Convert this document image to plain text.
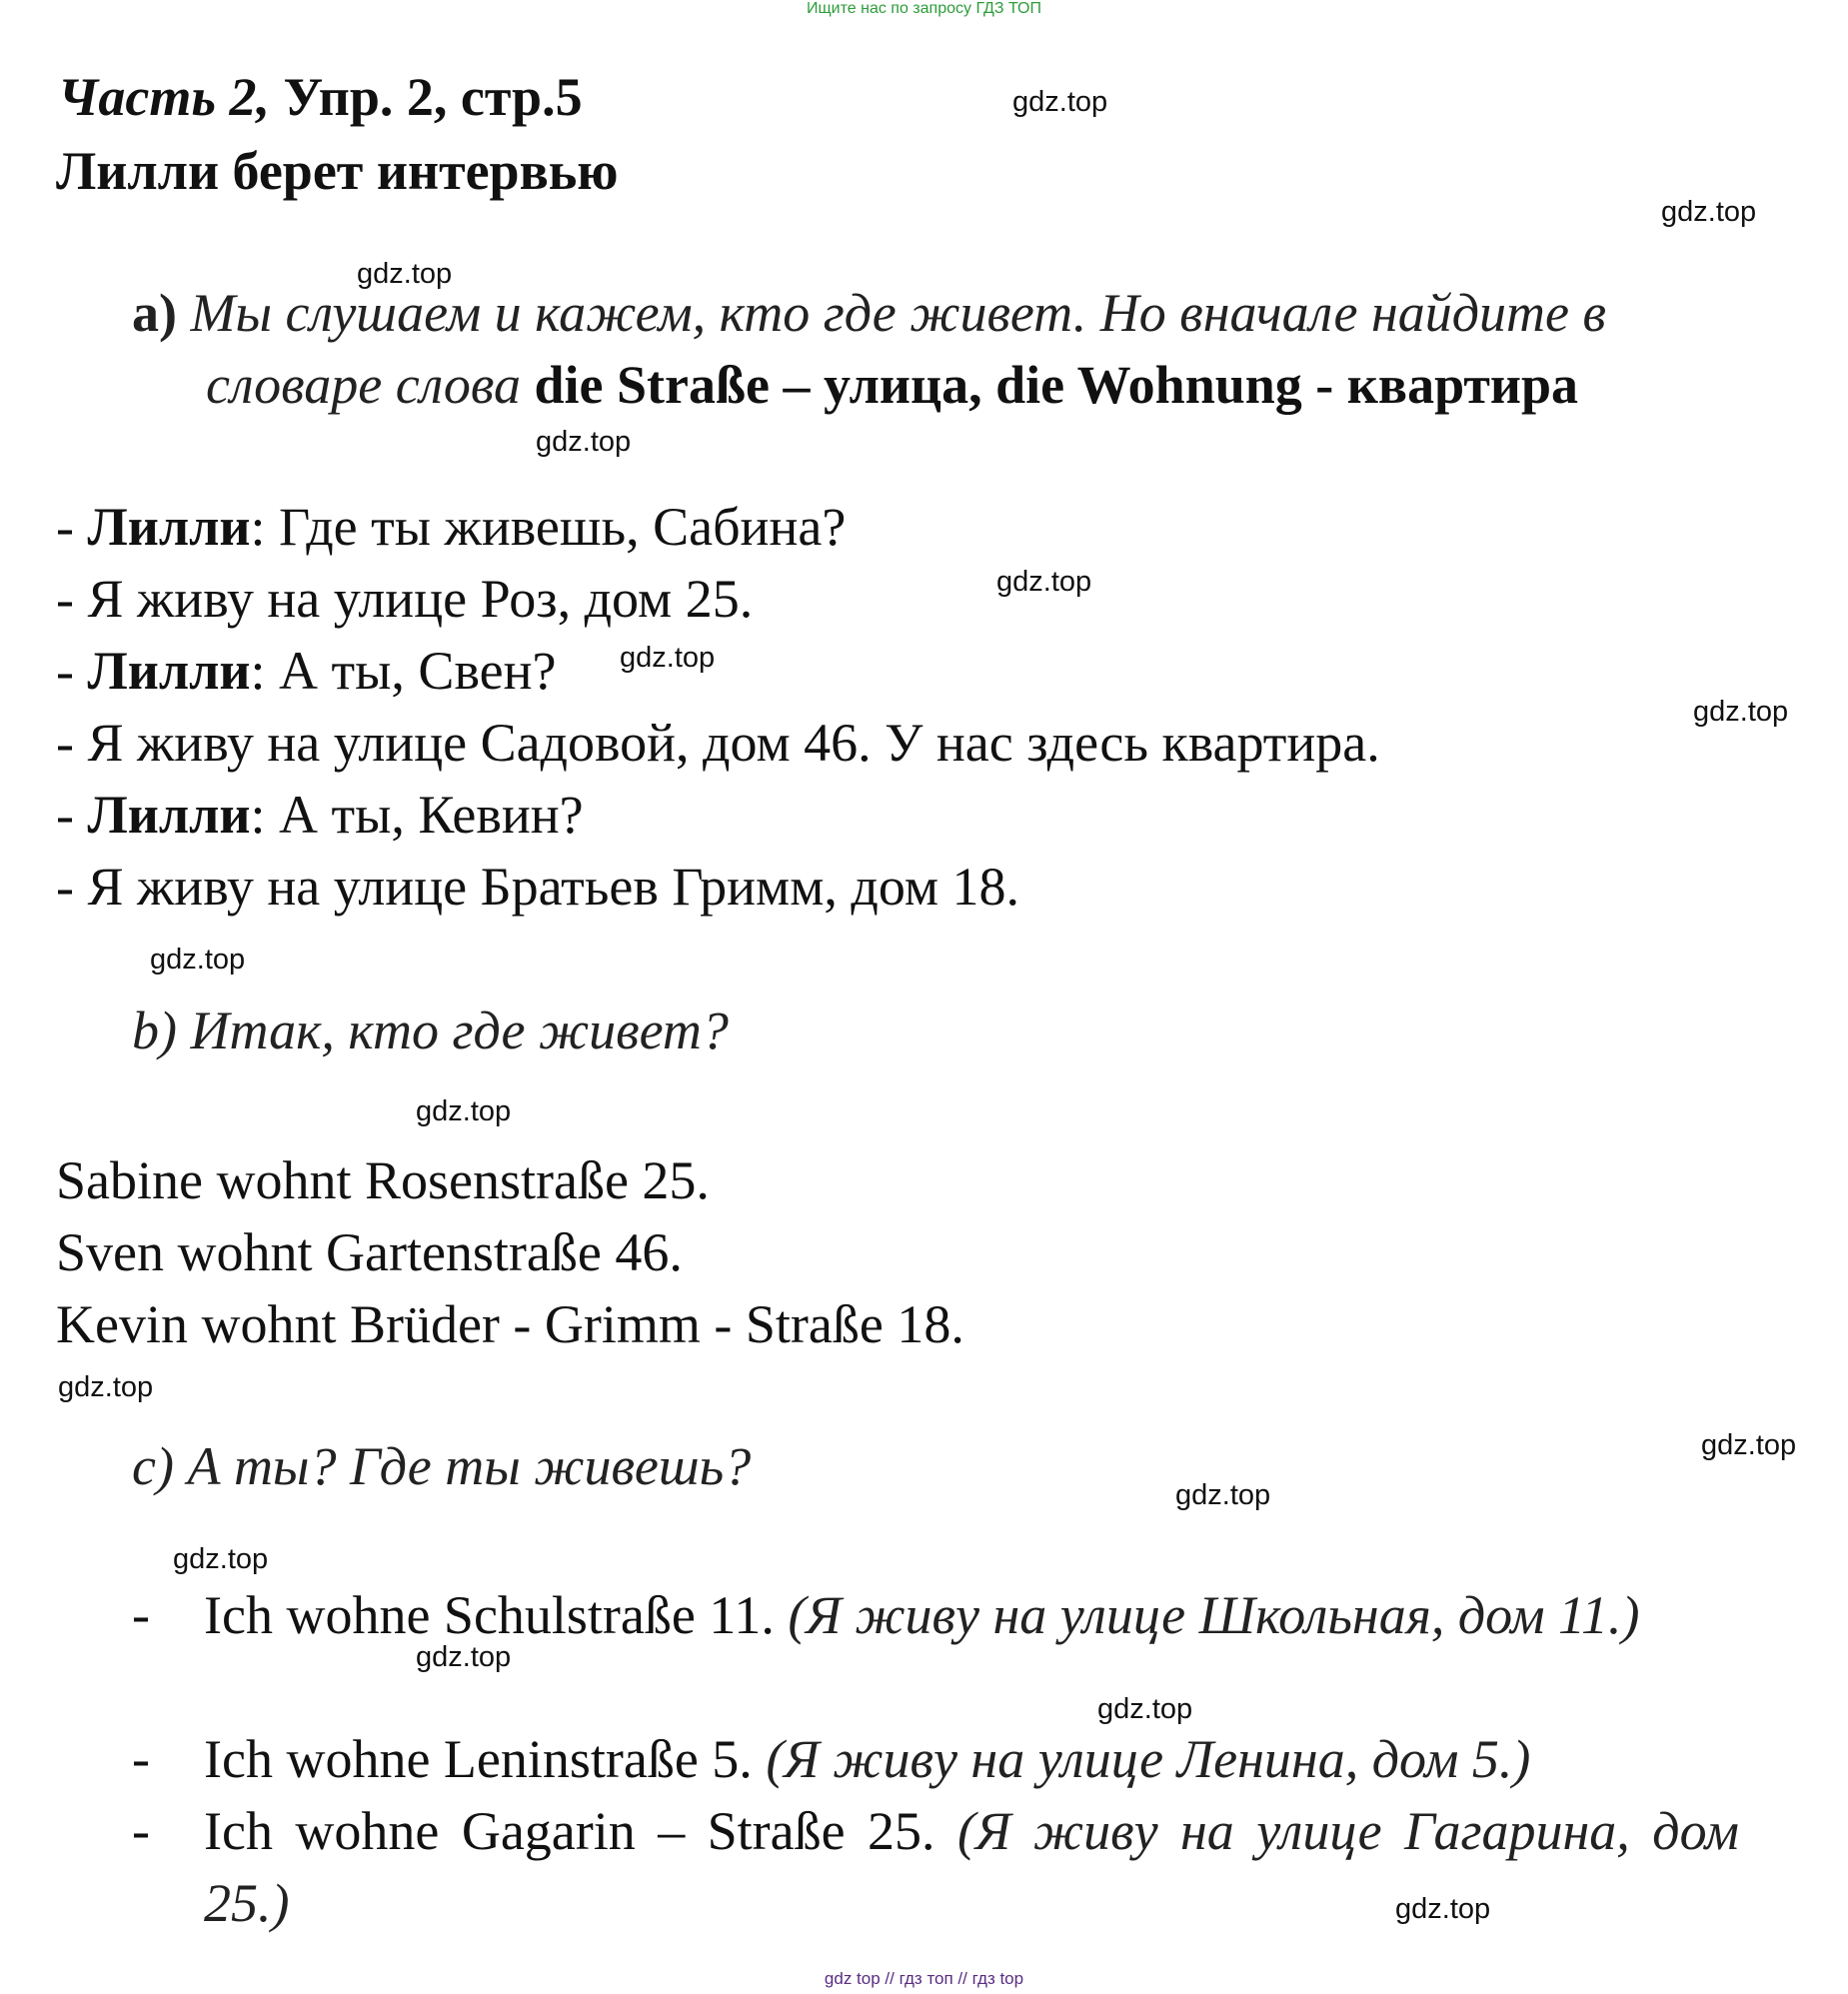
Ищите нас по запросу ГДЗ ТОП
Часть 2, Упр. 2, стр.5
Лилли берет интервью
a) Мы слушаем и кажем, кто где живет. Но вначале найдите в
словаре слова die Straße – улица, die Wohnung - квартира
- Лилли: Где ты живешь, Сабина?
- Я живу на улице Роз, дом 25.
- Лилли: А ты, Свен?
- Я живу на улице Садовой, дом 46. У нас здесь квартира.
- Лилли: А ты, Кевин?
- Я живу на улице Братьев Гримм, дом 18.
b) Итак, кто где живет?
Sabine wohnt Rosenstraße 25.
Sven wohnt Gartenstraße 46.
Kevin wohnt Brüder - Grimm - Straße 18.
c) А ты? Где ты живешь?
- Ich wohne Schulstraße 11. (Я живу на улице Школьная, дом 11.)
- Ich wohne Leninstraße 5. (Я живу на улице Ленина, дом 5.)
- Ich wohne Gagarin – Straße 25. (Я живу на улице Гагарина, дом 25.)
gdz.top
gdz.top
gdz.top
gdz.top
gdz.top
gdz.top
gdz.top
gdz.top
gdz.top
gdz.top
gdz.top
gdz.top
gdz.top
gdz.top
gdz.top
gdz.top
gdz top // гдз топ // гдз top
